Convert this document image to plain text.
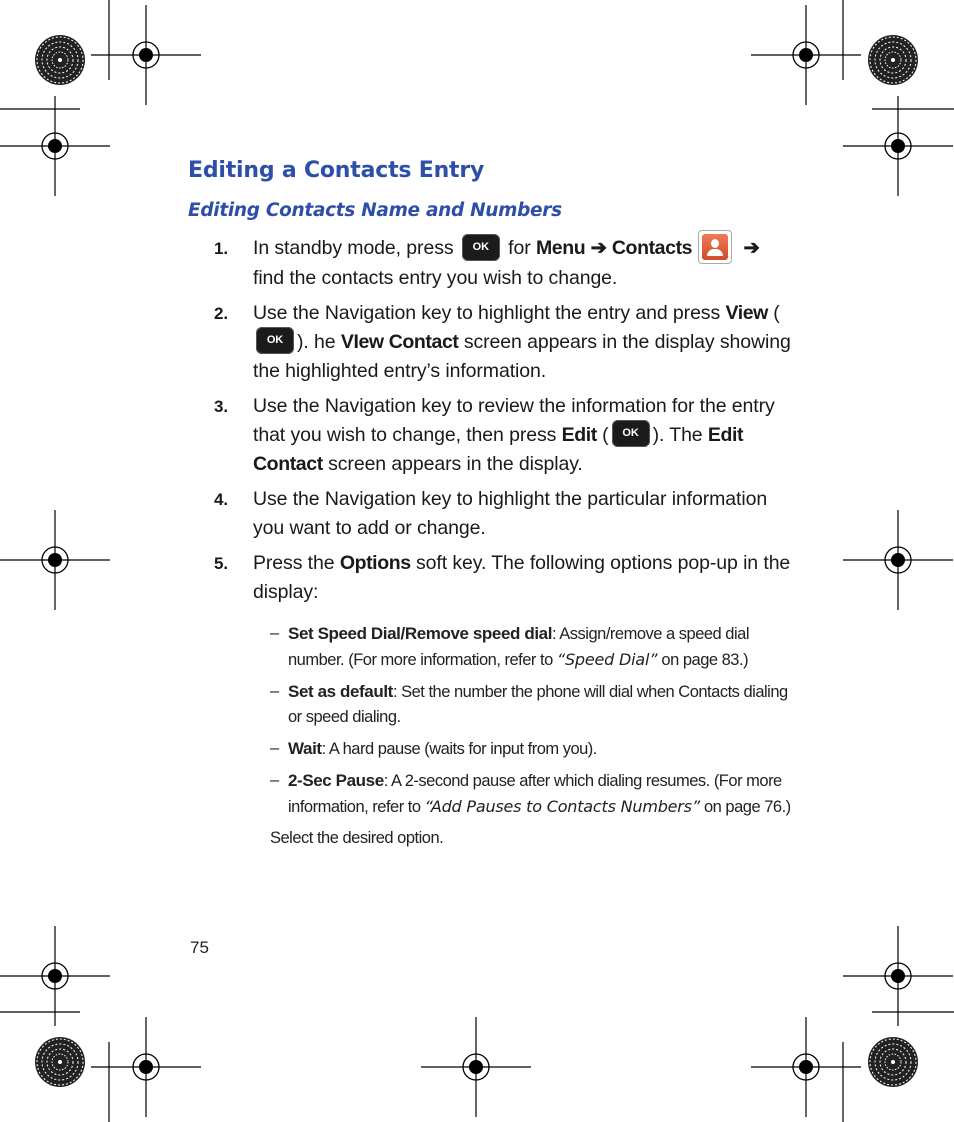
Editing a Contacts Entry
Editing Contacts Name and Numbers
1. In standby mode, press OK for Menu ➔ Contacts	➔ find the contacts entry you wish to change.
2. Use the Navigation key to highlight the entry and press View (OK ). he VIew Contact screen appears in the display showing the highlighted entry’s information.
3. Use the Navigation key to review the information for the entry that you wish to change, then press Edit ( OK ). The Edit Contact screen appears in the display.
4. Use the Navigation key to highlight the particular information you want to add or change.
5. Press the Options soft key. The following options pop-up in the display:
– Set Speed Dial/Remove speed dial: Assign/remove a speed dial number. (For more information, refer to “Speed Dial” on page 83.)
– Set as default: Set the number the phone will dial when Contacts dialing or speed dialing.
– Wait: A hard pause (waits for input from you).
– 2-Sec Pause: A 2-second pause after which dialing resumes. (For more information, refer to “Add Pauses to Contacts Numbers” on page 76.)
Select the desired option.
75
